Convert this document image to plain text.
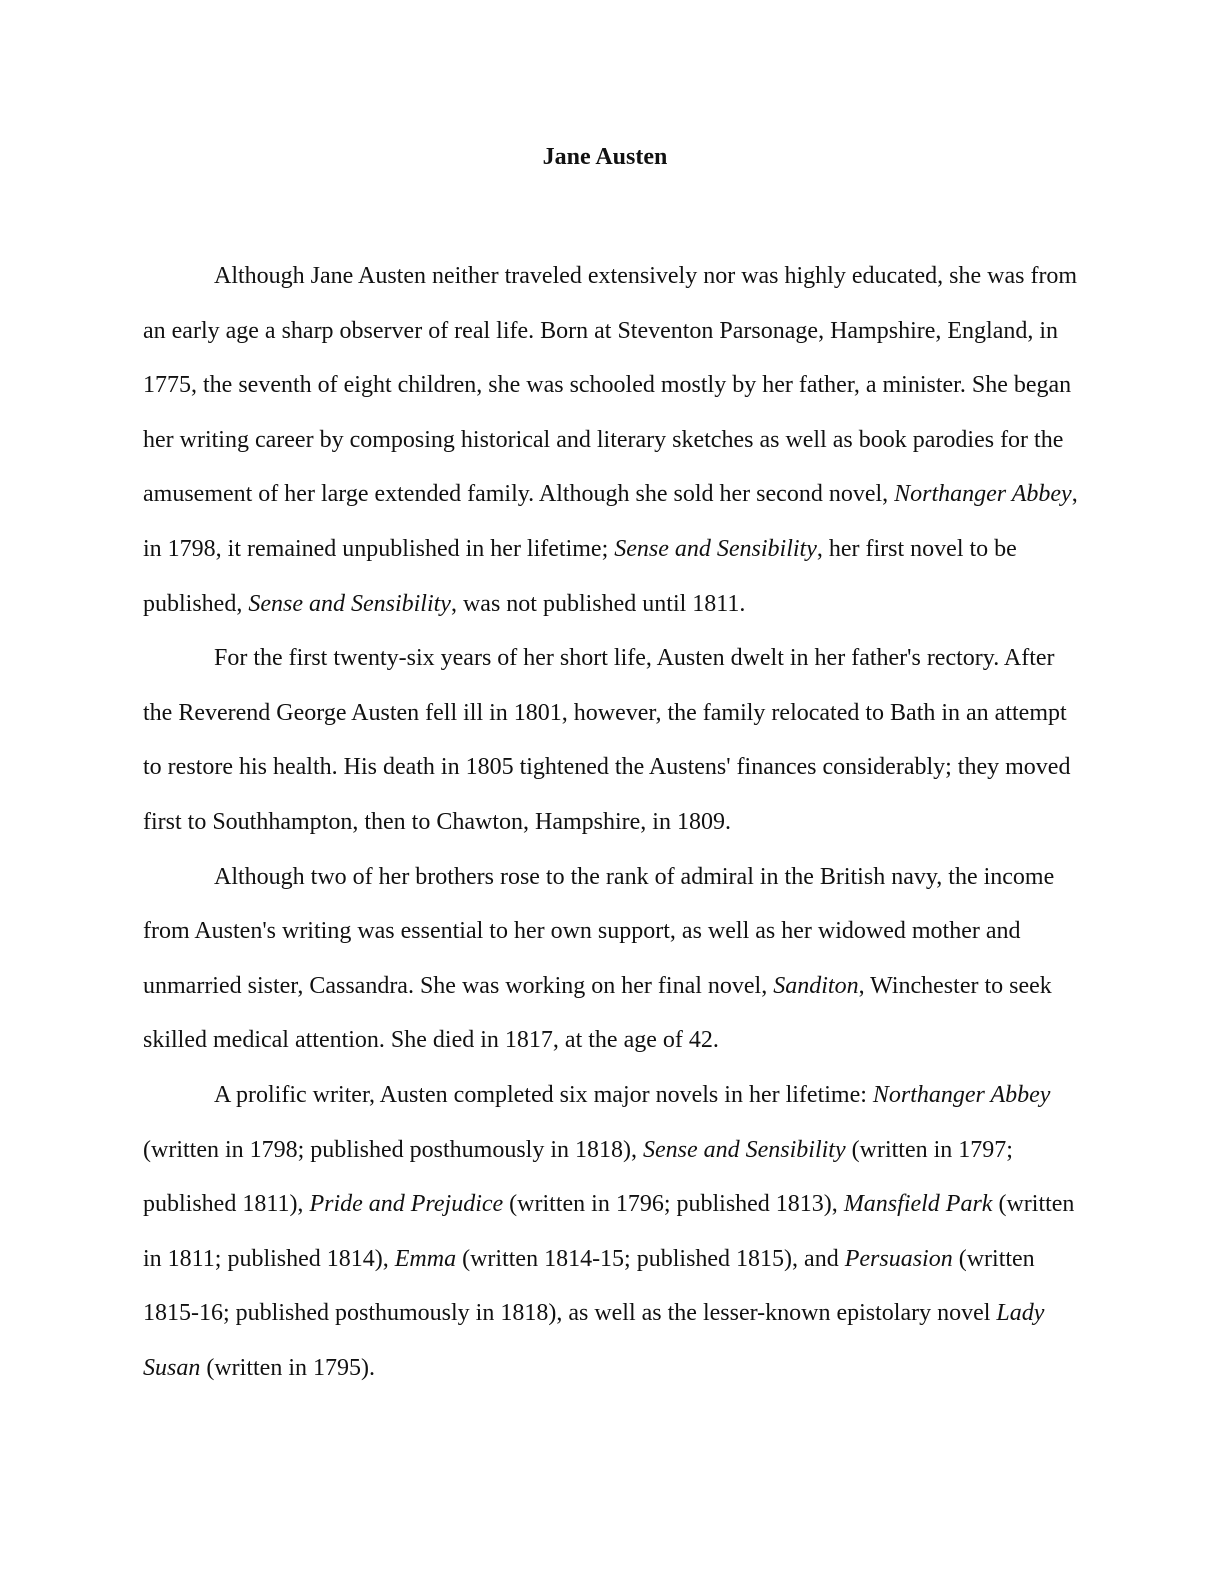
Jane Austen

Although Jane Austen neither traveled extensively nor was highly educated, she was from an early age a sharp observer of real life. Born at Steventon Parsonage, Hampshire, England, in 1775, the seventh of eight children, she was schooled mostly by her father, a minister. She began her writing career by composing historical and literary sketches as well as book parodies for the amusement of her large extended family. Although she sold her second novel, Northanger Abbey, in 1798, it remained unpublished in her lifetime; Sense and Sensibility, her first novel to be published, Sense and Sensibility, was not published until 1811.

For the first twenty-six years of her short life, Austen dwelt in her father's rectory. After the Reverend George Austen fell ill in 1801, however, the family relocated to Bath in an attempt to restore his health. His death in 1805 tightened the Austens' finances considerably; they moved first to Southhampton, then to Chawton, Hampshire, in 1809.

Although two of her brothers rose to the rank of admiral in the British navy, the income from Austen's writing was essential to her own support, as well as her widowed mother and unmarried sister, Cassandra. She was working on her final novel, Sanditon, Winchester to seek skilled medical attention. She died in 1817, at the age of 42.

A prolific writer, Austen completed six major novels in her lifetime: Northanger Abbey (written in 1798; published posthumously in 1818), Sense and Sensibility (written in 1797; published 1811), Pride and Prejudice (written in 1796; published 1813), Mansfield Park (written in 1811; published 1814), Emma (written 1814-15; published 1815), and Persuasion (written 1815-16; published posthumously in 1818), as well as the lesser-known epistolary novel Lady Susan (written in 1795).
